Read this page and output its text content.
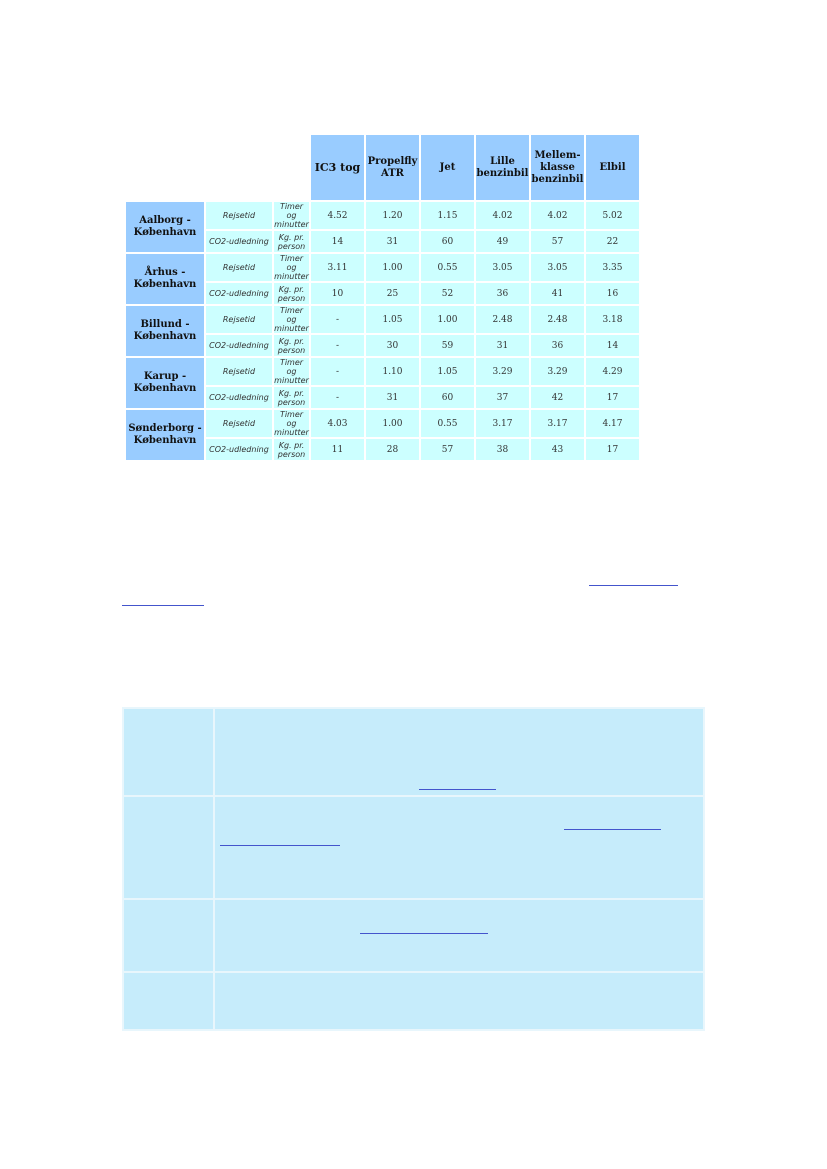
			IC3 tog	Propelfly ATR	Jet	Lille benzinbil	Mellem-klasse benzinbil	Elbil
Aalborg - København	Rejsetid	Timer og minutter	4.52	1.20	1.15	4.02	4.02	5.02
	CO2-udledning	Kg. pr. person	14	31	60	49	57	22
Århus - København	Rejsetid	Timer og minutter	3.11	1.00	0.55	3.05	3.05	3.35
	CO2-udledning	Kg. pr. person	10	25	52	36	41	16
Billund - København	Rejsetid	Timer og minutter	-	1.05	1.00	2.48	2.48	3.18
	CO2-udledning	Kg. pr. person	-	30	59	31	36	14
Karup - København	Rejsetid	Timer og minutter	-	1.10	1.05	3.29	3.29	4.29
	CO2-udledning	Kg. pr. person	-	31	60	37	42	17
Sønderborg - København	Rejsetid	Timer og minutter	4.03	1.00	0.55	3.17	3.17	4.17
	CO2-udledning	Kg. pr. person	11	28	57	38	43	17
